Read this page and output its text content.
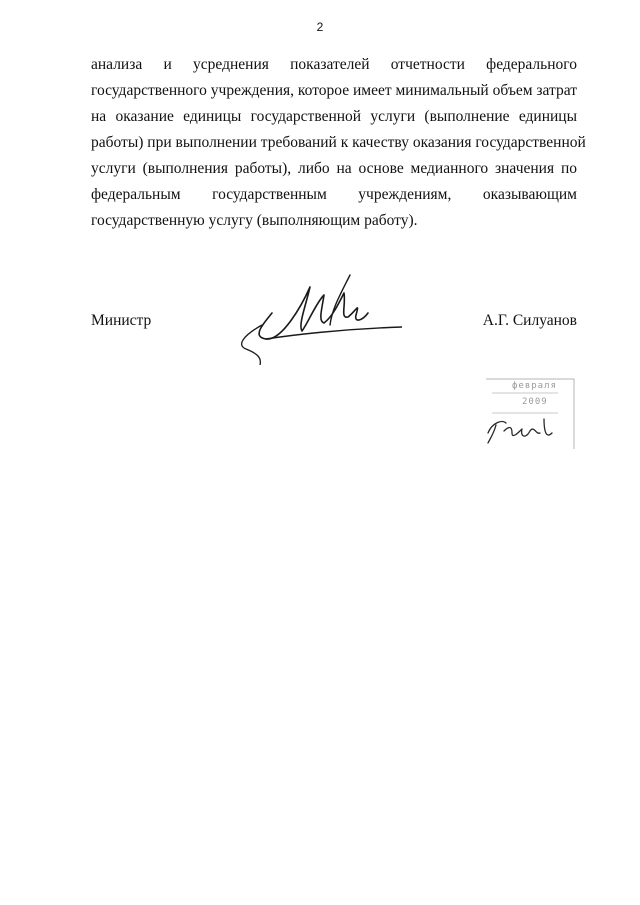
2
анализа и усреднения показателей отчетности федерального
государственного учреждения, которое имеет минимальный объем затрат
на оказание единицы государственной услуги (выполнение единицы
работы) при выполнении требований к качеству оказания государственной
услуги (выполнения работы), либо на основе медианного значения по
федеральным государственным учреждениям, оказывающим
государственную услугу (выполняющим работу).
Министр	А.Г. Силуанов
февраля
2009
